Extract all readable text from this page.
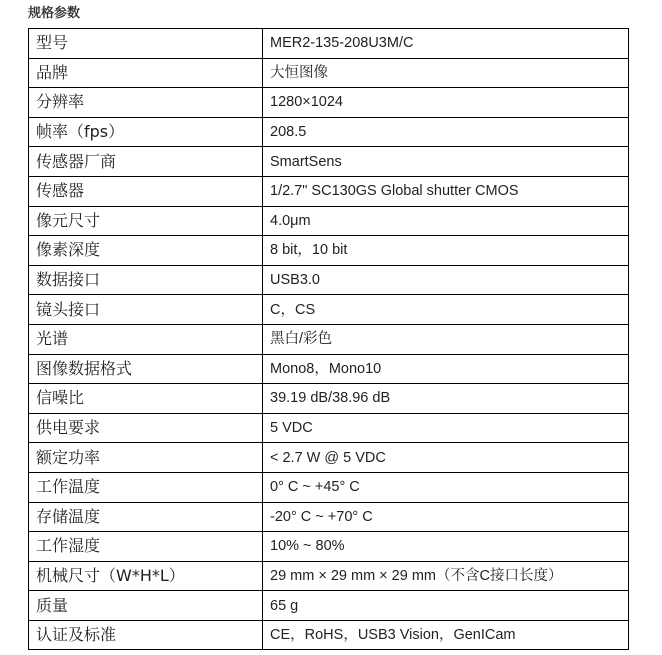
规格参数
型号	MER2-135-208U3M/C
品牌	大恒图像
分辨率	1280×1024
帧率（fps）	208.5
传感器厂商	SmartSens
传感器	1/2.7" SC130GS Global shutter CMOS
像元尺寸	4.0μm
像素深度	8 bit，10 bit
数据接口	USB3.0
镜头接口	C，CS
光谱	黑白/彩色
图像数据格式	Mono8，Mono10
信噪比	39.19 dB/38.96 dB
供电要求	5 VDC
额定功率	< 2.7 W @ 5 VDC
工作温度	0° C ~ +45° C
存储温度	-20° C ~ +70° C
工作湿度	10% ~ 80%
机械尺寸（W*H*L）	29 mm × 29 mm × 29 mm（不含C接口长度）
质量	65 g
认证及标准	CE，RoHS，USB3 Vision，GenICam
